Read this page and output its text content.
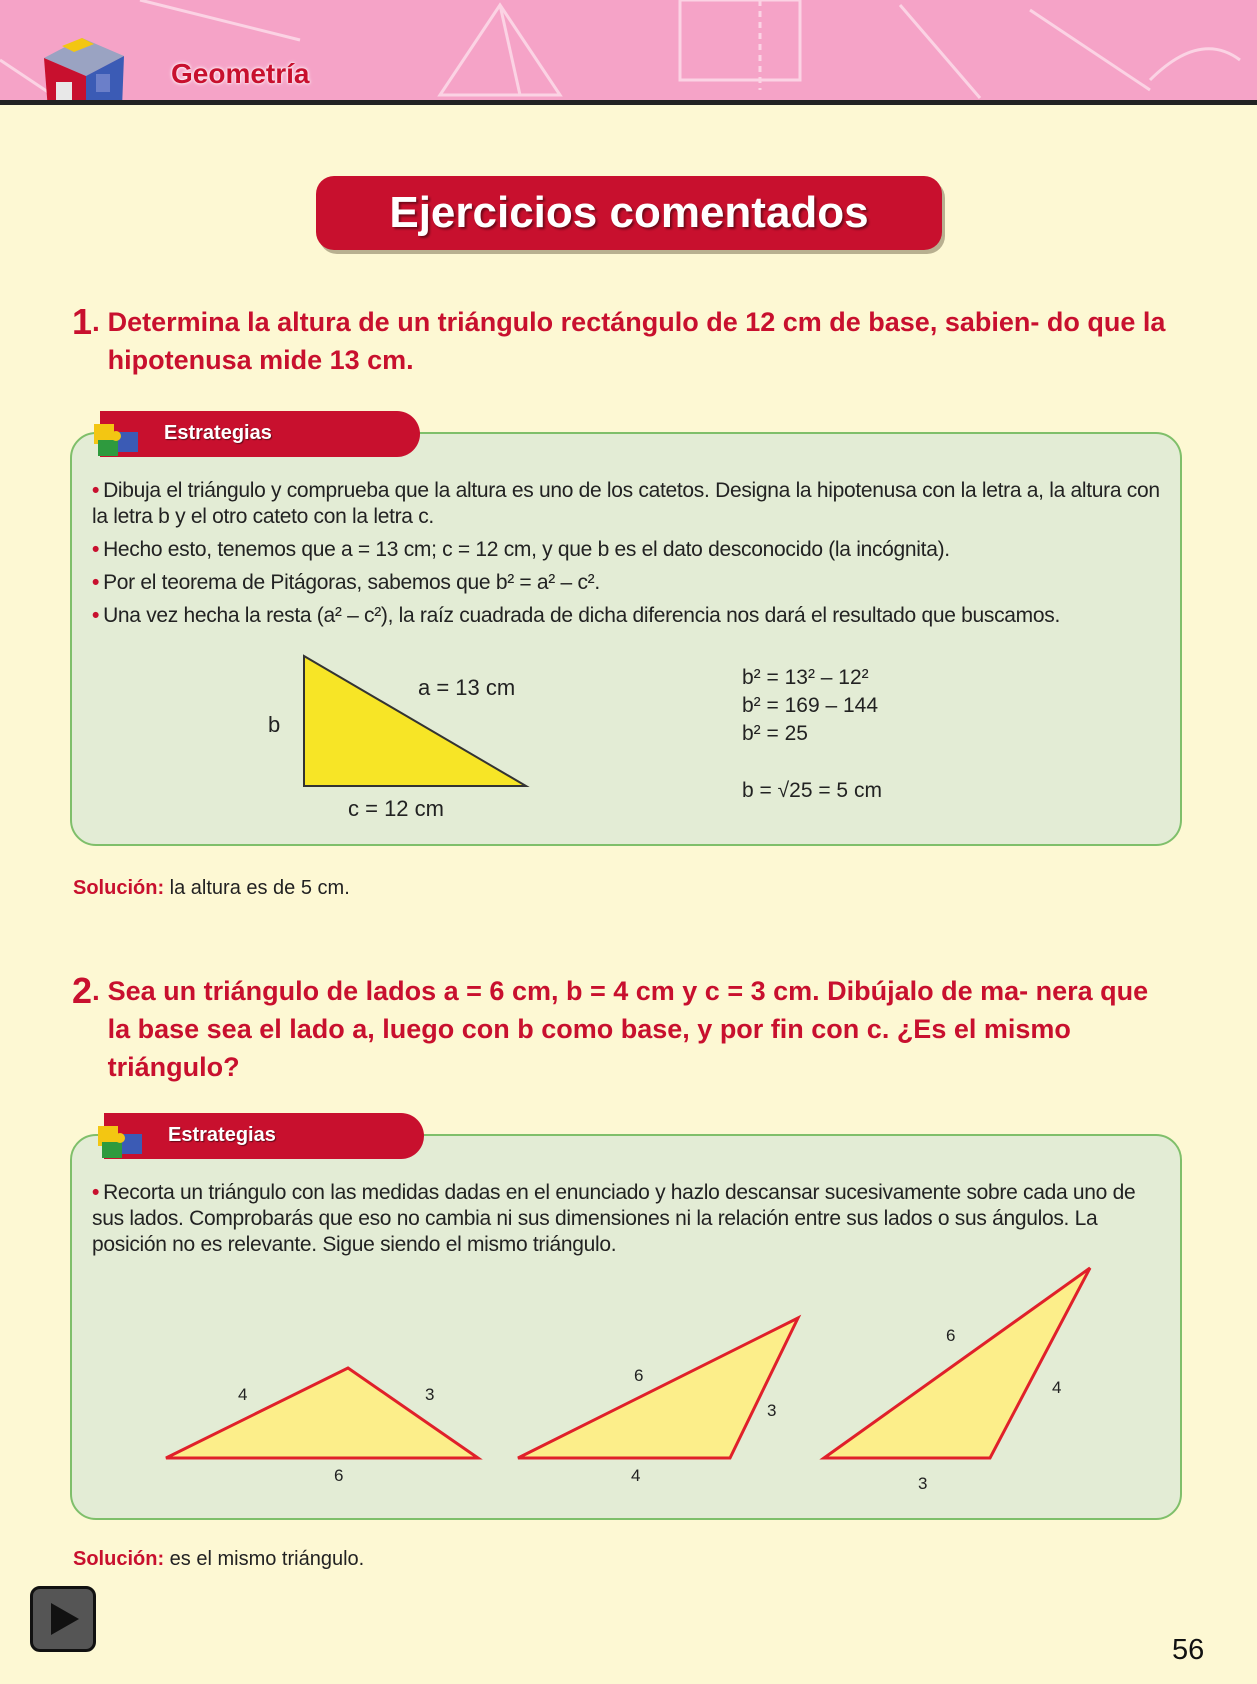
Geometría
Ejercicios comentados
1 . Determina la altura de un triángulo rectángulo de 12 cm de base, sabien- do que la hipotenusa mide 13 cm.
Estrategias

• Dibuja el triángulo y comprueba que la altura es uno de los catetos. Designa la hipotenusa con la letra a, la altura con la letra b y el otro cateto con la letra c.

• Hecho esto, tenemos que a = 13 cm; c = 12 cm, y que b es el dato desconocido (la incógnita).

• Por el teorema de Pitágoras, sabemos que b² = a² – c².

• Una vez hecha la resta (a² – c²), la raíz cuadrada de dicha diferencia nos dará el resultado que buscamos.

a = 13 cm
b
c = 12 cm
b² = 13² – 12²
b² = 169 – 144
b² = 25
b = √25 = 5 cm
Solución: la altura es de 5 cm.
2 . Sea un triángulo de lados a = 6 cm, b = 4 cm y c = 3 cm. Dibújalo de ma- nera que la base sea el lado a, luego con b como base, y por fin con c. ¿Es el mismo triángulo?
Estrategias

• Recorta un triángulo con las medidas dadas en el enunciado y hazlo descansar sucesivamente sobre cada uno de sus lados. Comprobarás que eso no cambia ni sus dimensiones ni la relación entre sus lados o sus ángulos. La posición no es relevante. Sigue siendo el mismo triángulo.

4	3
6
6
3
4
6
4
3
Solución: es el mismo triángulo.
56
